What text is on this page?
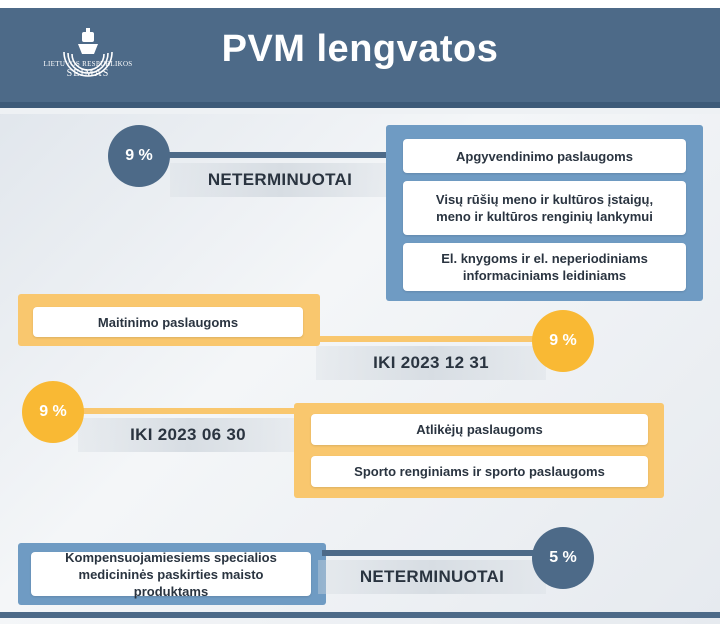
LIETUVOS RESPUBLIKOS
SEIMAS
PVM lengvatos
NETERMINUOTAI
9 %	Apgyvendinimo paslaugoms
Visų rūšių meno ir kultūros įstaigų, meno ir kultūros renginių lankymui
El. knygoms ir el. neperiodiniams informaciniams leidiniams
Maitinimo paslaugoms
IKI 2023 12 31
9 %
IKI 2023 06 30
9 %
Atlikėjų paslaugoms
Sporto renginiams ir sporto paslaugoms
Kompensuojamiesiems specialios medicininės paskirties maisto produktams
NETERMINUOTAI
5 %
